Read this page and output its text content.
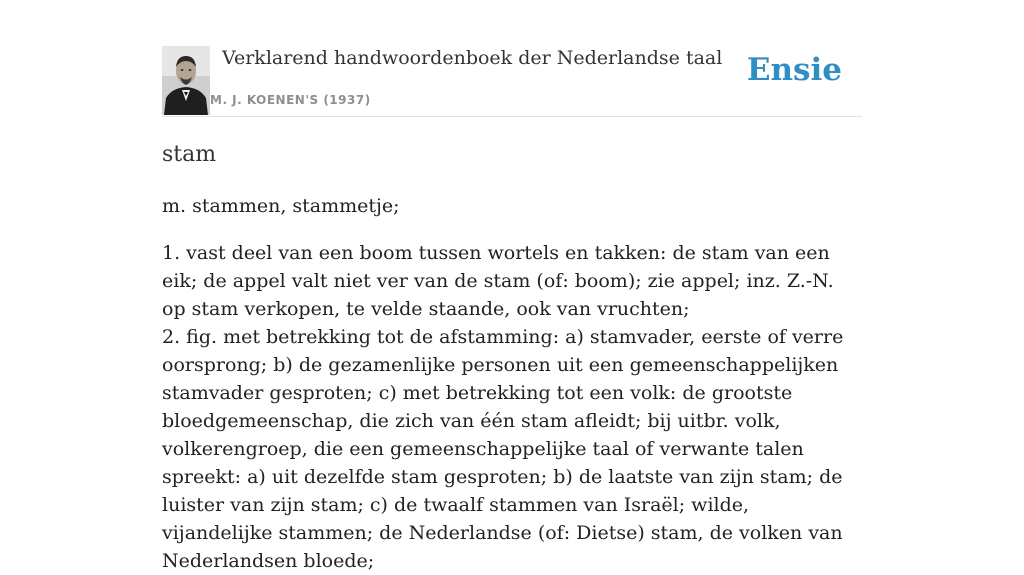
Verklarend handwoordenboek der Nederlandse taal
M. J. KOENEN'S (1937)
Ensie
stam
m. stammen, stammetje;

1. vast deel van een boom tussen wortels en takken: de stam van een eik; de appel valt niet ver van de stam (of: boom); zie appel; inz. Z.-N. op stam verkopen, te velde staande, ook van vruchten;

2. fig. met betrekking tot de afstamming: a) stamvader, eerste of verre oorsprong; b) de gezamenlijke personen uit een gemeenschappelijken stamvader gesproten; c) met betrekking tot een volk: de grootste bloedgemeenschap, die zich van één stam afleidt; bij uitbr. volk, volkerengroep, die een gemeenschappelijke taal of verwante talen spreekt: a) uit dezelfde stam gesproten; b) de laatste van zijn stam; de luister van zijn stam; c) de twaalf stammen van Israël; wilde, vijandelijke stammen; de Nederlandse (of: Dietse) stam, de volken van Nederlandsen bloede;
